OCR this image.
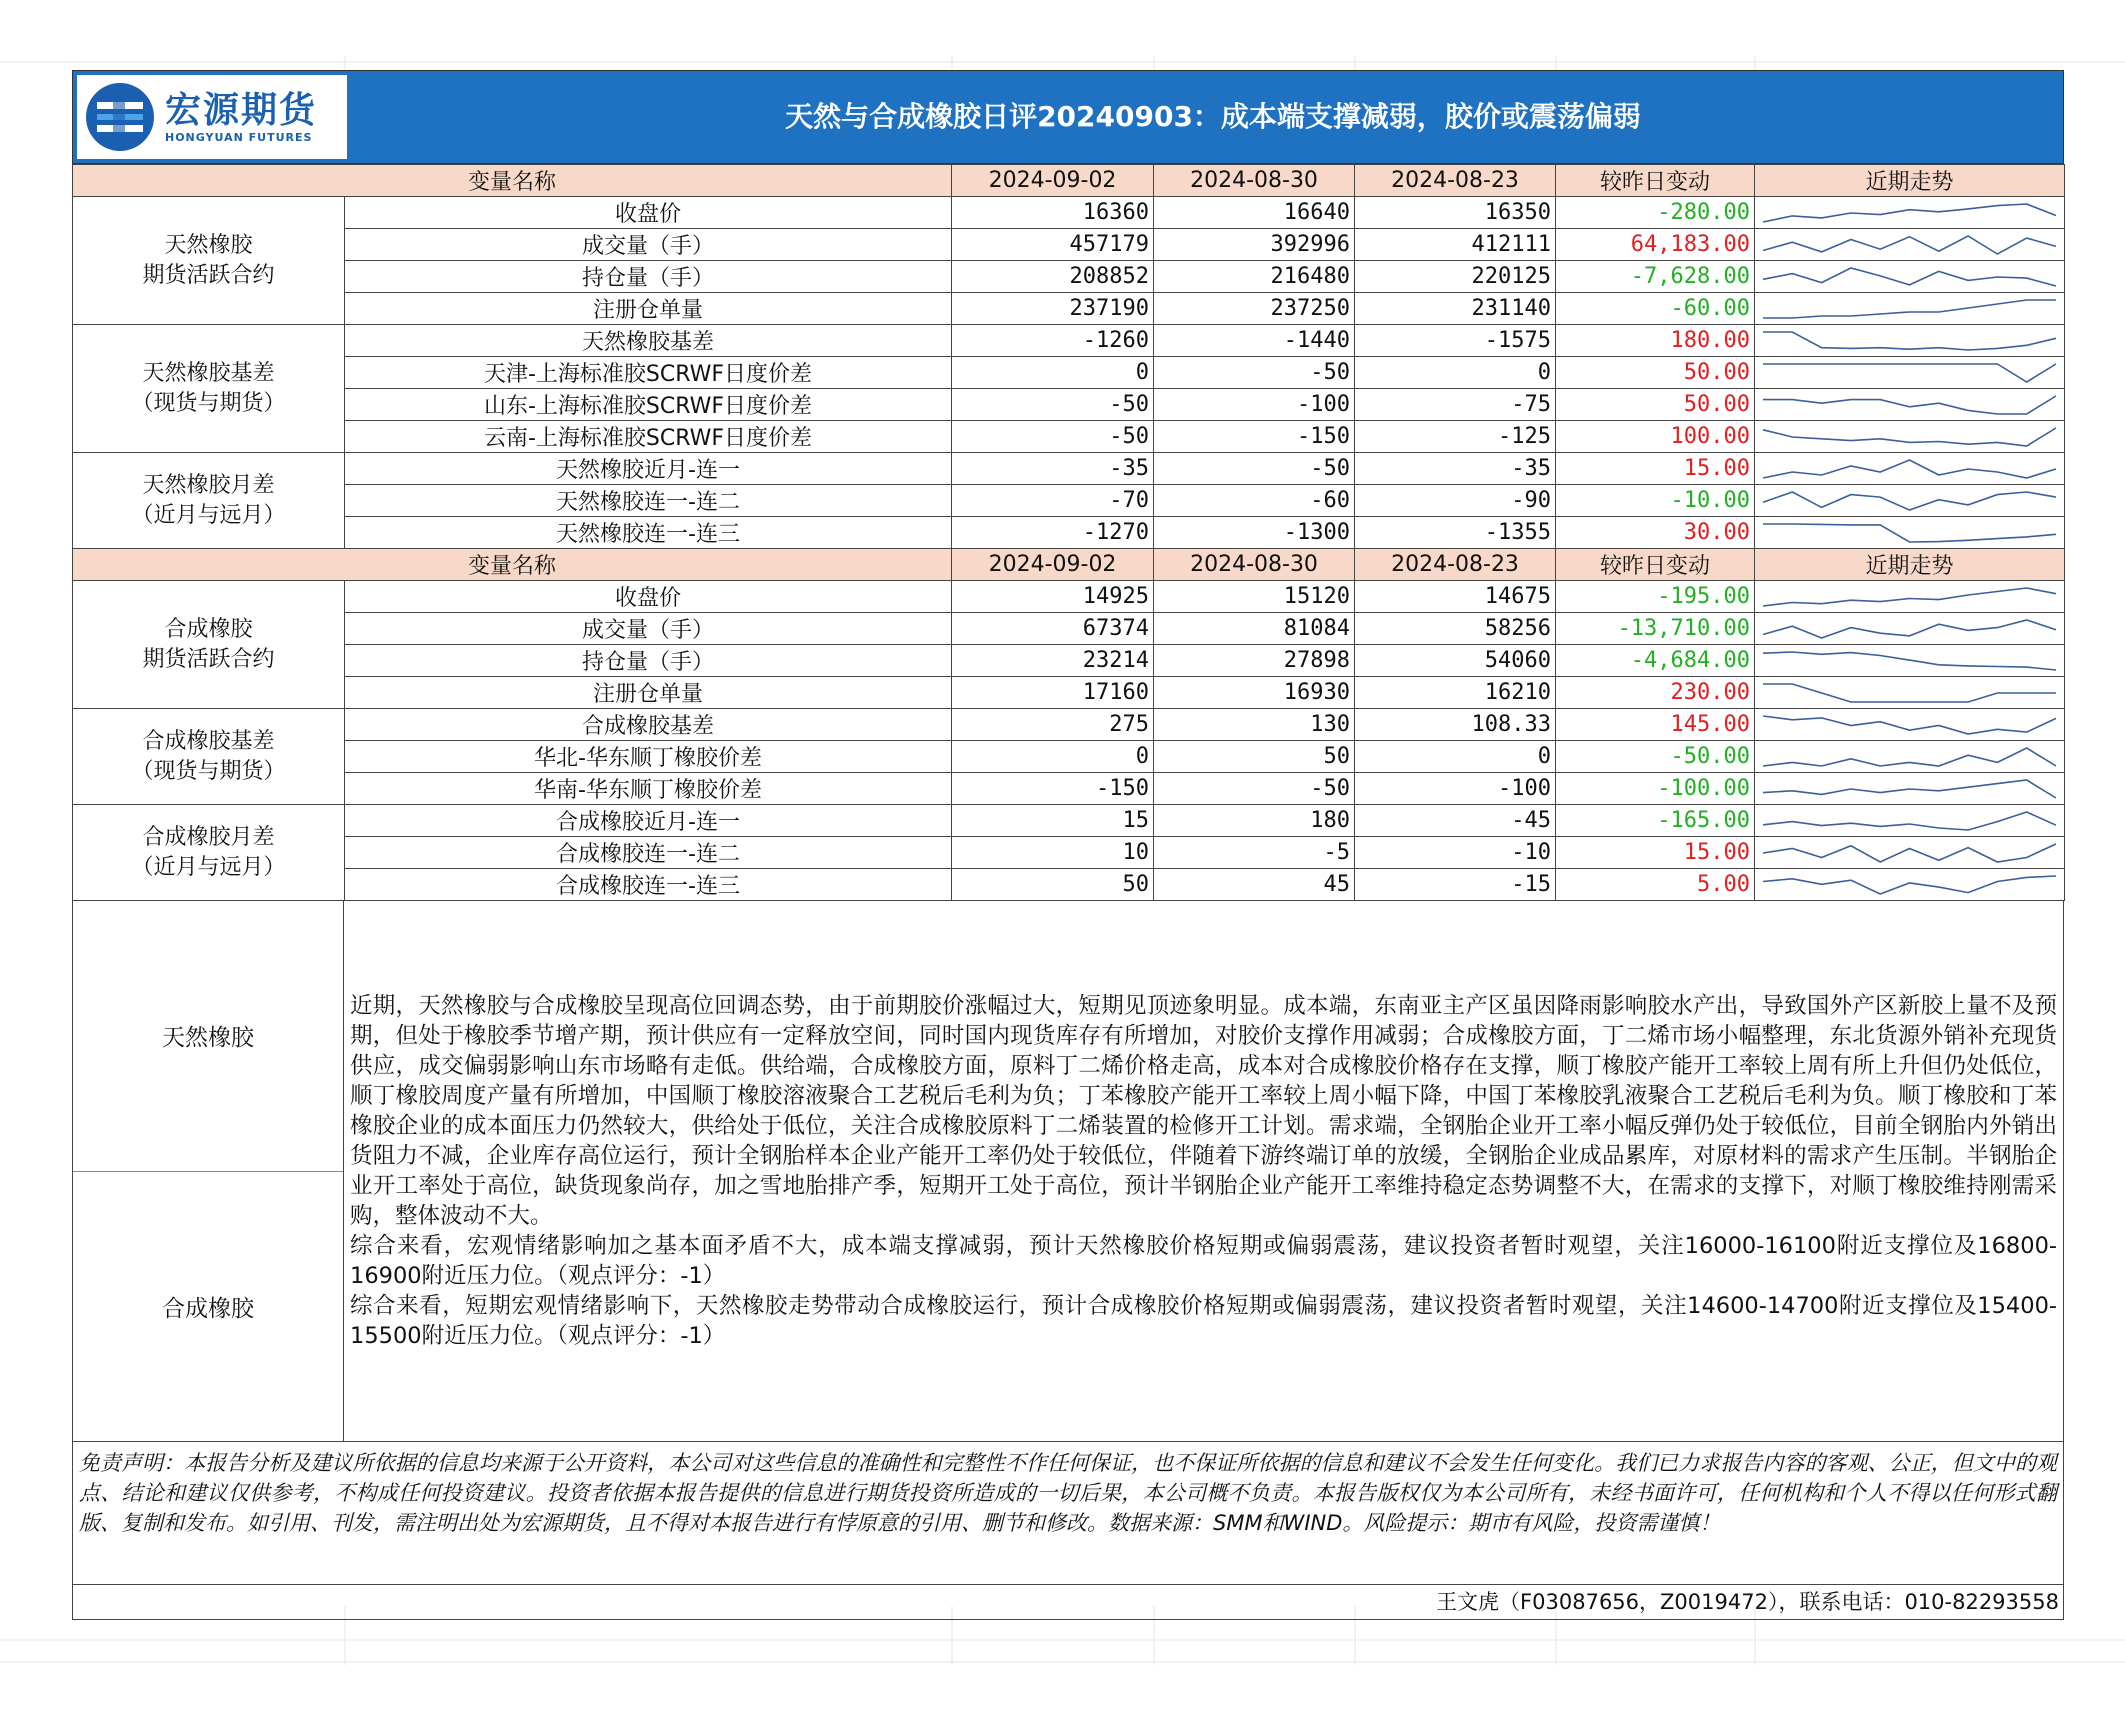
宏源期货
HONGYUAN FUTURES
天然与合成橡胶日评20240903：成本端支撑减弱，胶价或震荡偏弱
变量名称		2024-09-02	2024-08-30	2024-08-23	较昨日变动	近期走势
天然橡胶
期货活跃合约	收盘价	16360	16640	16350	-280.00	

	成交量（手）	457179	392996	412111	64,183.00	

	持仓量（手）	208852	216480	220125	-7,628.00	

	注册仓单量	237190	237250	231140	-60.00	

天然橡胶基差
（现货与期货）	天然橡胶基差	-1260	-1440	-1575	180.00	

	天津-上海标准胶SCRWF日度价差	0	-50	0	50.00	

	山东-上海标准胶SCRWF日度价差	-50	-100	-75	50.00	

	云南-上海标准胶SCRWF日度价差	-50	-150	-125	100.00	

天然橡胶月差
（近月与远月）	天然橡胶近月-连一	-35	-50	-35	15.00	

	天然橡胶连一-连二	-70	-60	-90	-10.00	

	天然橡胶连一-连三	-1270	-1300	-1355	30.00	

变量名称		2024-09-02	2024-08-30	2024-08-23	较昨日变动	近期走势
合成橡胶
期货活跃合约	收盘价	14925	15120	14675	-195.00	

	成交量（手）	67374	81084	58256	-13,710.00	

	持仓量（手）	23214	27898	54060	-4,684.00	

	注册仓单量	17160	16930	16210	230.00	

合成橡胶基差
（现货与期货）	合成橡胶基差	275	130	108.33	145.00	

	华北-华东顺丁橡胶价差	0	50	0	-50.00	

	华南-华东顺丁橡胶价差	-150	-50	-100	-100.00	

合成橡胶月差
（近月与远月）	合成橡胶近月-连一	15	180	-45	-165.00	

	合成橡胶连一-连二	10	-5	-10	15.00	

	合成橡胶连一-连三	50	45	-15	5.00	
天然橡胶
合成橡胶

近期，天然橡胶与合成橡胶呈现高位回调态势，由于前期胶价涨幅过大，短期见顶迹象明显。成本端，东南亚主产区虽因降雨影响胶水产出，导致国外产区新胶上量不及预期，但处于橡胶季节增产期，预计供应有一定释放空间，同时国内现货库存有所增加，对胶价支撑作用减弱；合成橡胶方面，丁二烯市场小幅整理，东北货源外销补充现货供应，成交偏弱影响山东市场略有走低。供给端，合成橡胶方面，原料丁二烯价格走高，成本对合成橡胶价格存在支撑，顺丁橡胶产能开工率较上周有所上升但仍处低位，顺丁橡胶周度产量有所增加，中国顺丁橡胶溶液聚合工艺税后毛利为负；丁苯橡胶产能开工率较上周小幅下降，中国丁苯橡胶乳液聚合工艺税后毛利为负。顺丁橡胶和丁苯橡胶企业的成本面压力仍然较大，供给处于低位，关注合成橡胶原料丁二烯装置的检修开工计划。需求端，全钢胎企业开工率小幅反弹仍处于较低位，目前全钢胎内外销出货阻力不减，企业库存高位运行，预计全钢胎样本企业产能开工率仍处于较低位，伴随着下游终端订单的放缓，全钢胎企业成品累库，对原材料的需求产生压制。半钢胎企业开工率处于高位，缺货现象尚存，加之雪地胎排产季，短期开工处于高位，预计半钢胎企业产能开工率维持稳定态势调整不大，在需求的支撑下，对顺丁橡胶维持刚需采购，整体波动不大。

综合来看，宏观情绪影响加之基本面矛盾不大，成本端支撑减弱，预计天然橡胶价格短期或偏弱震荡，建议投资者暂时观望，关注16000-16100附近支撑位及16800-16900附近压力位。（观点评分：-1）

综合来看，短期宏观情绪影响下，天然橡胶走势带动合成橡胶运行，预计合成橡胶价格短期或偏弱震荡，建议投资者暂时观望，关注14600-14700附近支撑位及15400-15500附近压力位。（观点评分：-1）

免责声明：本报告分析及建议所依据的信息均来源于公开资料，本公司对这些信息的准确性和完整性不作任何保证，也不保证所依据的信息和建议不会发生任何变化。我们已力求报告内容的客观、公正，但文中的观点、结论和建议仅供参考，不构成任何投资建议。投资者依据本报告提供的信息进行期货投资所造成的一切后果，本公司概不负责。本报告版权仅为本公司所有，未经书面许可，任何机构和个人不得以任何形式翻版、复制和发布。如引用、刊发，需注明出处为宏源期货，且不得对本报告进行有悖原意的引用、删节和修改。数据来源：SMM和WIND。风险提示：期市有风险，投资需谨慎！
王文虎（F03087656，Z0019472），联系电话：010-82293558
